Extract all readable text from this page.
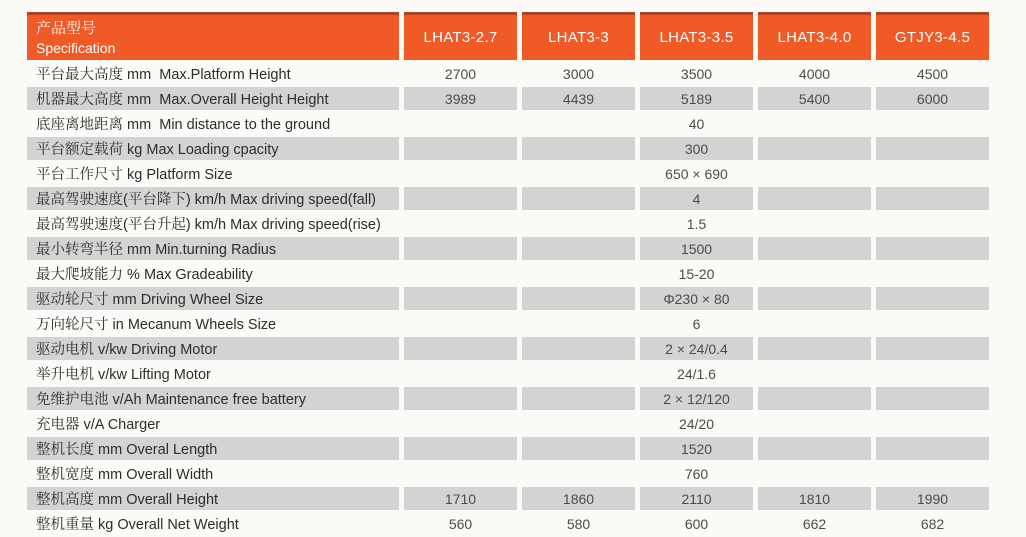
产品型号
Specification	LHAT3-2.7	LHAT3-3	LHAT3-3.5	LHAT3-4.0	GTJY3-4.5
平台最大高度 mm  Max.Platform Height	2700	3000	3500	4000	4500
机器最大高度 mm  Max.Overall Height Height	3989	4439	5189	5400	6000
底座离地距离 mm  Min distance to the ground			40		
平台额定载荷 kg Max Loading cpacity			300		
平台工作尺寸 kg Platform Size			650 × 690		
最高驾驶速度(平台降下) km/h Max driving speed(fall)			4		
最高驾驶速度(平台升起) km/h Max driving speed(rise)			1.5		
最小转弯半径 mm Min.turning Radius			1500		
最大爬坡能力 % Max Gradeability			15-20		
驱动轮尺寸 mm Driving Wheel Size			Φ230 × 80		
万向轮尺寸 in Mecanum Wheels Size			6		
驱动电机 v/kw Driving Motor			2 × 24/0.4		
举升电机 v/kw Lifting Motor			24/1.6		
免维护电池 v/Ah Maintenance free battery			2 × 12/120		
充电器 v/A Charger			24/20		
整机长度 mm Overal Length			1520		
整机宽度 mm Overall Width			760		
整机高度 mm Overall Height	1710	1860	2110	1810	1990
整机重量 kg Overall Net Weight	560	580	600	662	682
